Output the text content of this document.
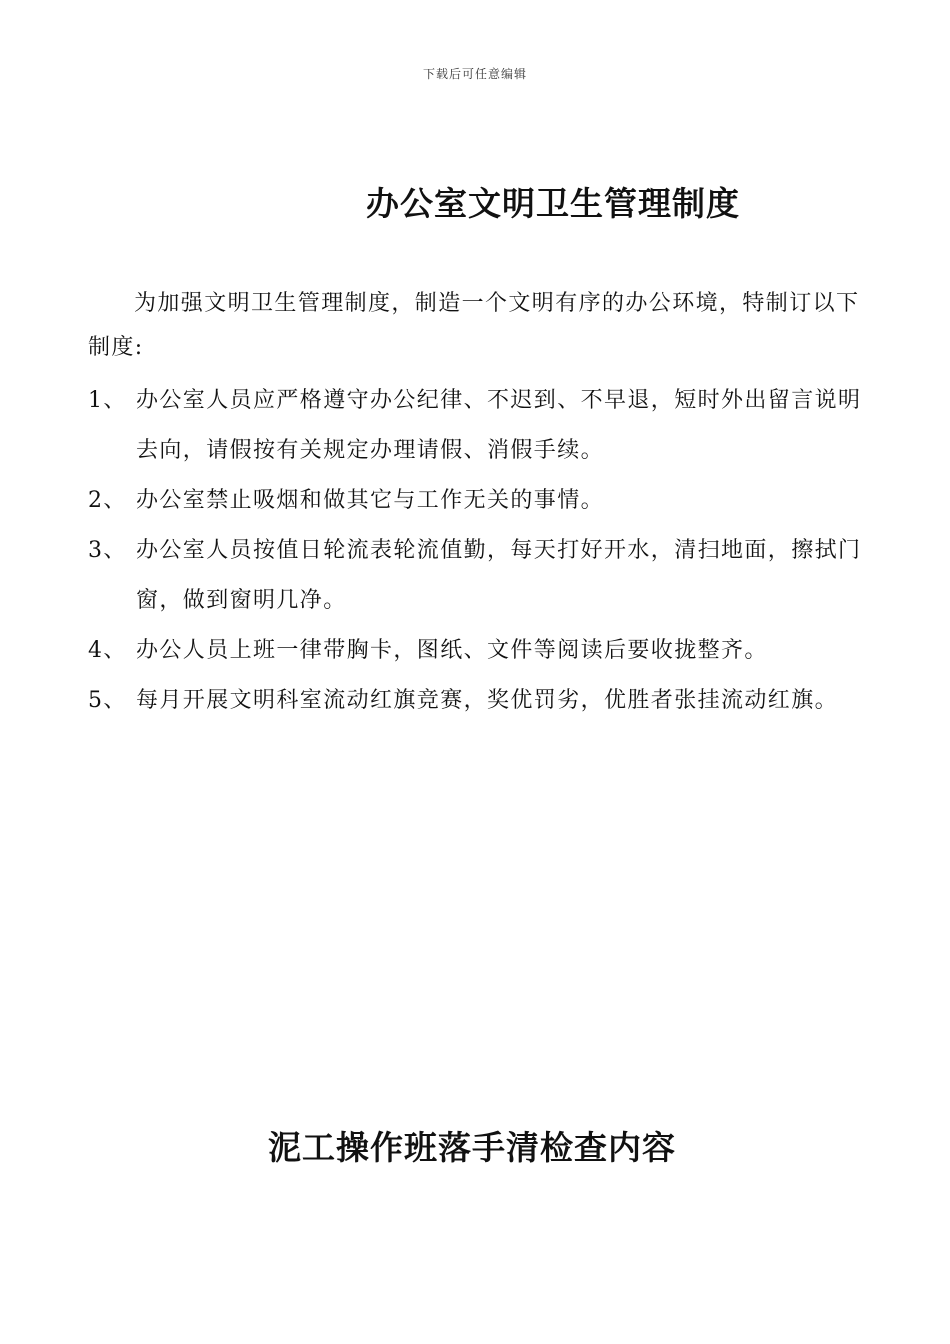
下载后可任意编辑
办公室文明卫生管理制度

为加强文明卫生管理制度，制造一个文明有序的办公环境，特制订以下制度:

1、 办公室人员应严格遵守办公纪律、不迟到、不早退，短时外出留言说明去向，请假按有关规定办理请假、消假手续。
2、 办公室禁止吸烟和做其它与工作无关的事情。
3、 办公室人员按值日轮流表轮流值勤，每天打好开水，清扫地面，擦拭门窗，做到窗明几净。
4、 办公人员上班一律带胸卡，图纸、文件等阅读后要收拢整齐。
5、 每月开展文明科室流动红旗竞赛，奖优罚劣，优胜者张挂流动红旗。
泥工操作班落手清检查内容
